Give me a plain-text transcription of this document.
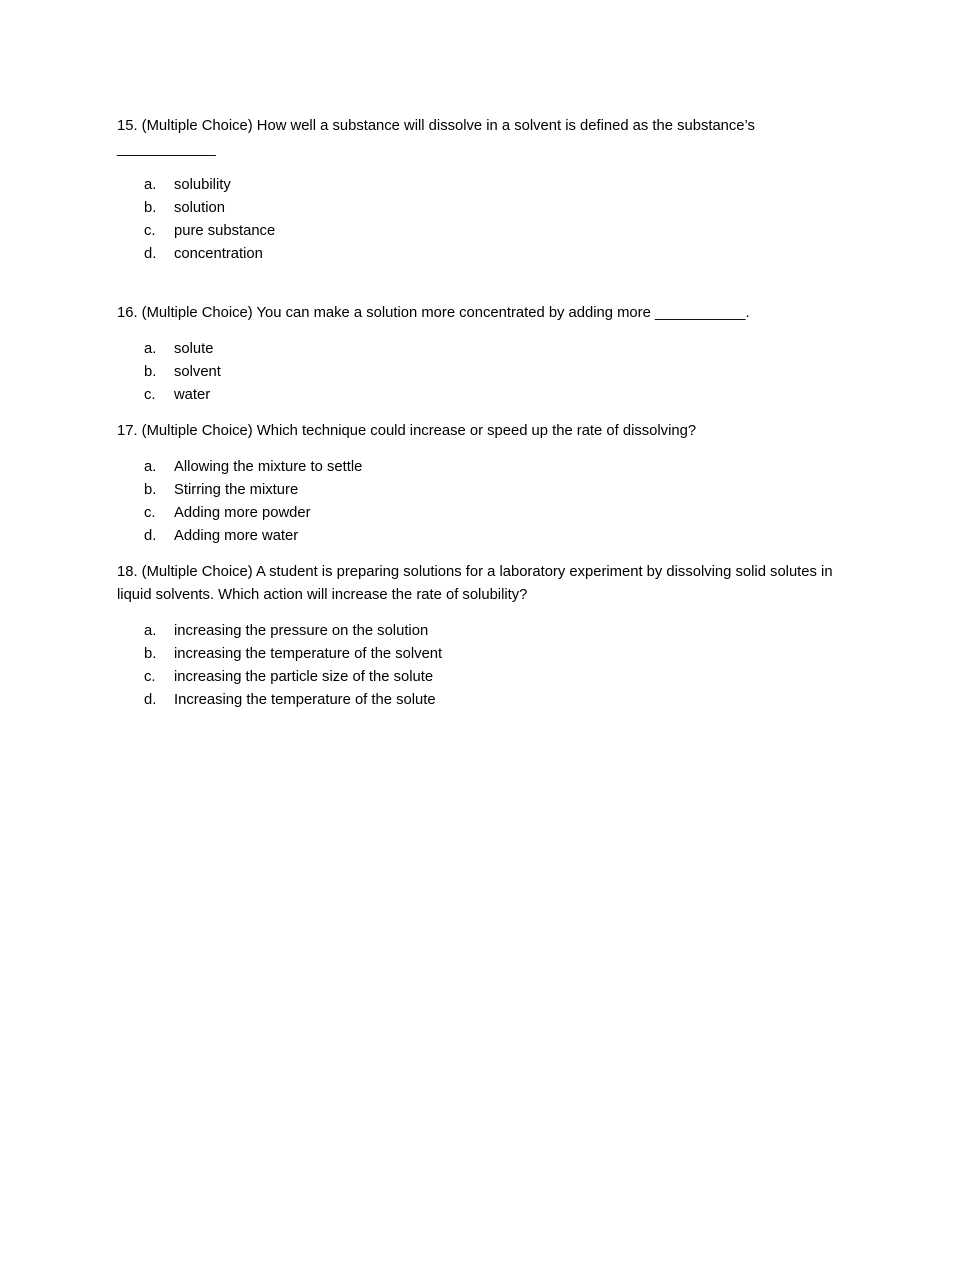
15. (Multiple Choice) How well a substance will dissolve in a solvent is defined as the substance’s

____________

a.	solubility
b.	solution
c.	pure substance
d.	concentration

16. (Multiple Choice) You can make a solution more concentrated by adding more ___________.

a.	solute
b.	solvent
c.	water

17. (Multiple Choice) Which technique could increase or speed up the rate of dissolving?

a.	Allowing the mixture to settle
b.	Stirring the mixture
c.	Adding more powder
d.	Adding more water

18. (Multiple Choice) A student is preparing solutions for a laboratory experiment by dissolving solid solutes in liquid solvents. Which action will increase the rate of solubility?

a.	increasing the pressure on the solution
b.	increasing the temperature of the solvent
c.	increasing the particle size of the solute
d.	Increasing the temperature of the solute
